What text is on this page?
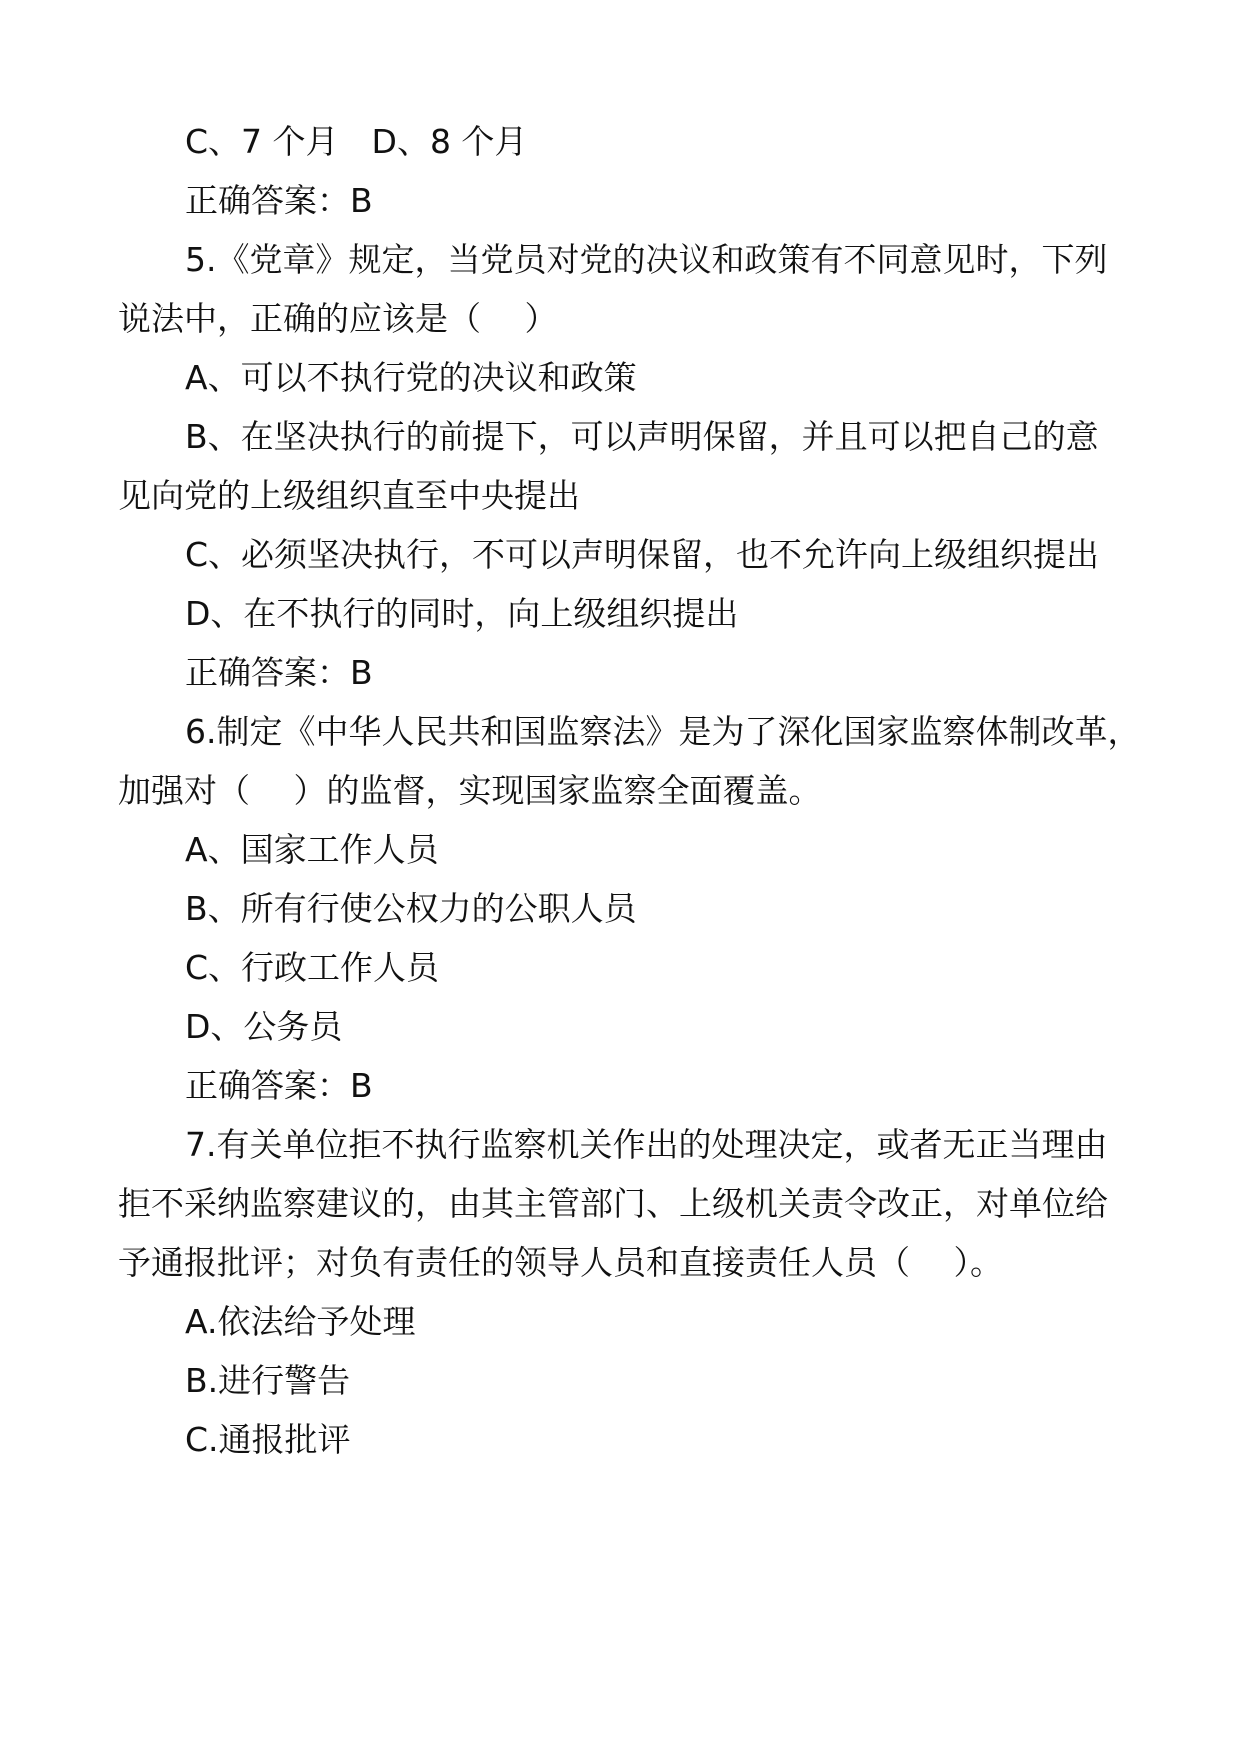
C、7 个月　D、8 个月
正确答案：B
5.《党章》规定，当党员对党的决议和政策有不同意见时，下列
说法中，正确的应该是（　 ）
A、可以不执行党的决议和政策
B、在坚决执行的前提下，可以声明保留，并且可以把自己的意
见向党的上级组织直至中央提出
C、必须坚决执行，不可以声明保留，也不允许向上级组织提出
D、在不执行的同时，向上级组织提出
正确答案：B
6.制定《中华人民共和国监察法》是为了深化国家监察体制改革，
加强对（　 ）的监督，实现国家监察全面覆盖。
A、国家工作人员
B、所有行使公权力的公职人员
C、行政工作人员
D、公务员
正确答案：B
7.有关单位拒不执行监察机关作出的处理决定，或者无正当理由
拒不采纳监察建议的，由其主管部门、上级机关责令改正，对单位给
予通报批评；对负有责任的领导人员和直接责任人员（　 ）。
A.依法给予处理
B.进行警告
C.通报批评
